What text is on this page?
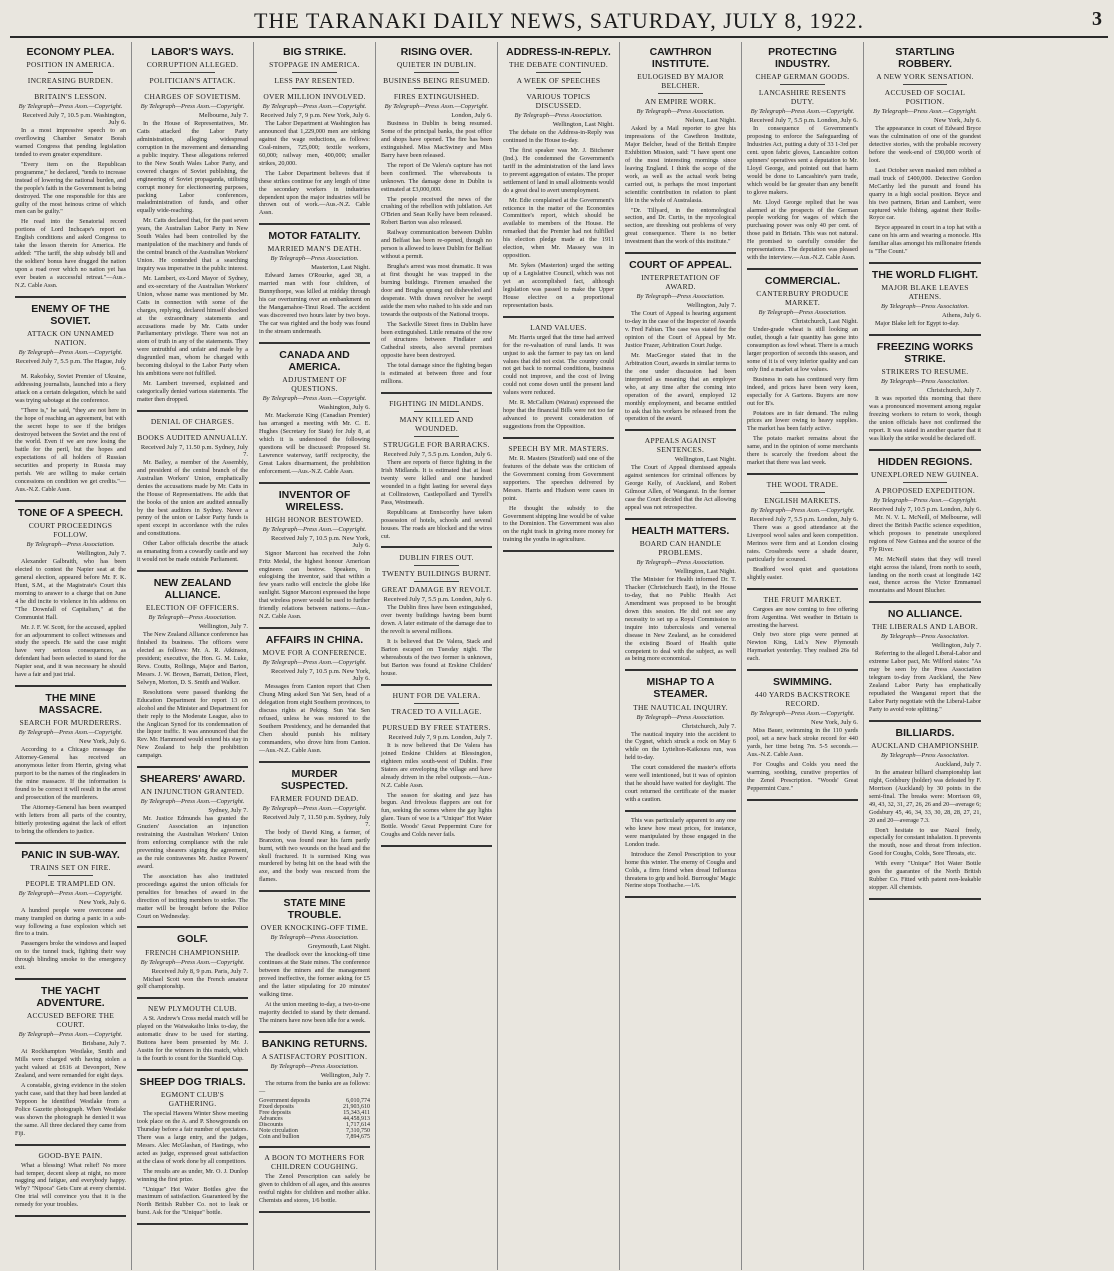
THE TARANAKI DAILY NEWS, SATURDAY, JULY 8, 1922.	3
ECONOMY PLEA.
POSITION IN AMERICA.
INCREASING BURDEN.
BRITAIN'S LESSON.
By Telegraph—Press Assn.—Copyright.
Received July 7, 10.5 p.m. Washington, July 6.

In a most impressive speech to an overflowing Chamber Senator Borah warned Congress that pending legislation tended to even greater expenditure.

"Every item on the Republican programme," he declared, "tends to increase instead of lowering the national burden, and the people's faith in the Government is being destroyed. The one responsible for this are guilty of the most heinous crime of which men can be guilty."

He read into the Senatorial record portions of Lord Inchcape's report on English conditions and asked Congress to take the lesson therein for America. He added: "The tariff, the ship subsidy bill and the soldiers' bonus have dragged the nation upon a road over which no nation yet has ever beaten a successful retreat."—Aus.-N.Z. Cable Assn.

ENEMY OF THE SOVIET.
ATTACK ON UNNAMED NATION.
By Telegraph—Press Assn.—Copyright.
Received July 7, 5.5 p.m. The Hague, July 6.

M. Rakofsky, Soviet Premier of Ukraine, addressing journalists, launched into a fiery attack on a certain delegation, which he said was trying sabotage at the conference.

"There is," he said, "they are not here in the hope of reaching an agreement, but with the secret hope to see if the bridges destroyed between the Soviet and the rest of the world. Even if we are now losing the battle for the peril, but the hopes and expectations of all holders of Russian securities and property in Russia may perish. We are willing to make certain concessions on condition we get credits."—Aus.-N.Z. Cable Assn.

TONE OF A SPEECH.
COURT PROCEEDINGS FOLLOW.
By Telegraph—Press Association.
Wellington, July 7.

Alexander Galbraith, who has been elected to contest the Napier seat at the general election, appeared before Mr. F. K. Hunt, S.M., at the Magistrate's Court this morning to answer to a charge that on June 4 he did incite to violence in his address on "The Downfall of Capitalism," at the Communist Hall.

Mr. J. F. W. Scott, for the accused, applied for an adjournment to collect witnesses and study the speech. He said the case might have very serious consequences, as defendant had been selected to stand for the Napier seat, and it was necessary he should have a fair and just trial.

THE MINE MASSACRE.
SEARCH FOR MURDERERS.
By Telegraph—Press Assn.—Copyright.
New York, July 6.

According to a Chicago message the Attorney-General has received an anonymous letter from Herrin, giving what purport to be the names of the ringleaders in the mine massacre. If the information is found to be correct it will result in the arrest and prosecution of the murderers.

The Attorney-General has been swamped with letters from all parts of the country, bitterly protesting against the lack of effort to bring the offenders to justice.

PANIC IN SUB-WAY.
TRAINS SET ON FIRE.
PEOPLE TRAMPLED ON.
By Telegraph—Press Assn.—Copyright.
New York, July 6.

A hundred people were overcome and many trampled on during a panic in a sub-way following a fuse explosion which set fire to a train.

Passengers broke the windows and leaped on to the tunnel track, fighting their way through blinding smoke to the emergency exit.

THE YACHT ADVENTURE.
ACCUSED BEFORE THE COURT.
By Telegraph—Press Assn.—Copyright.
Brisbane, July 7.

At Rockhampton Westlake, Smith and Mills were charged with having stolen a yacht valued at £616 at Devonport, New Zealand, and were remanded for eight days.

A constable, giving evidence in the stolen yacht case, said that they had been landed at Yeppoon he identified Westlake from a Police Gazette photograph. When Westlake was shown the photograph he denied it was the same. All three declared they came from Fiji.

GOOD-BYE PAIN.

What a blessing! What relief! No more bad temper, decent sleep at night, no more nagging and fatigue, and everybody happy. Why? "Nipoca" Gets Cure at every chemist. One trial will convince you that it is the remedy for your troubles.

LABOR'S WAYS.
CORRUPTION ALLEGED.
POLITICIAN'S ATTACK.
CHARGES OF SOVIETISM.
By Telegraph—Press Assn.—Copyright.
Melbourne, July 7.

In the House of Representatives, Mr. Catts attacked the Labor Party administration, alleging widespread corruption in the movement and demanding a public inquiry. These allegations referred to the New South Wales Labor Party, and covered charges of Soviet publishing, the engineering of Soviet propaganda, utilising corrupt money for electioneering purposes, packing Labor conferences, maladministration of funds, and other equally wide-reaching.

Mr. Catts declared that, for the past seven years, the Australian Labor Party in New South Wales had been controlled by the manipulation of the machinery and funds of the central branch of the Australian Workers' Union. He contended that a searching inquiry was imperative in the public interest.

Mr. Lambert, ex-Lord Mayor of Sydney, and ex-secretary of the Australian Workers' Union, whose name was mentioned by Mr. Catts in connection with some of the charges, replying, declared himself shocked at the extraordinary statements and accusations made by Mr. Catts under Parliamentary privilege. There was not an atom of truth in any of the statements. They were untruthful and unfair and made by a disgruntled man, whom he charged with becoming disloyal to the Labor Party when his ambitions were not fulfilled.

Mr. Lambert traversed, explained and categorically denied various statements. The matter then dropped.

DENIAL OF CHARGES.
BOOKS AUDITED ANNUALLY.
Received July 7, 11.50 p.m. Sydney, July 7.

Mr. Bailey, a member of the Assembly, and president of the central branch of the Australian Workers' Union, emphatically denies the accusations made by Mr. Catts in the House of Representatives. He adds that the books of the union are audited annually by the best auditors in Sydney. Never a penny of the union or Labor Party funds is spent except in accordance with the rules and constitutions.

Other Labor officials describe the attack as emanating from a cowardly castle and say it would not be made outside Parliament.

NEW ZEALAND ALLIANCE.
ELECTION OF OFFICERS.
By Telegraph—Press Association.
Wellington, July 7.

The New Zealand Alliance conference has finished its business. The officers were elected as follows: Mr. A. R. Atkinson, president; executive, the Hon. G. M. Luke, Revs. Coutts, Rollings, Major and Barton, Messrs. J. W. Brown, Barratt, Deiton, Fleet, Selwyn, Morton, D. S. Smith and Walker.

Resolutions were passed thanking the Education Department for report 13 on alcohol and the Minister and Department for their reply to the Moderate League, also to the Anglican Synod for its condemnation of the liquor traffic. It was announced that the Rev. Mr. Hammond would extend his stay in New Zealand to help the prohibition campaign.

SHEARERS' AWARD.
AN INJUNCTION GRANTED.
By Telegraph—Press Assn.—Copyright.
Sydney, July 7.

Mr. Justice Edmunds has granted the Graziers' Association an injunction restraining the Australian Workers' Union from enforcing compliance with the rule preventing shearers signing the agreement, as the rule contravenes Mr. Justice Powers' award.

The association has also instituted proceedings against the union officials for penalties for breaches of award in the direction of inciting members to strike. The matter will be brought before the Police Court on Wednesday.

GOLF.
FRENCH CHAMPIONSHIP.
By Telegraph—Press Assn.—Copyright.
Received July 8, 9 p.m. Paris, July 7.

Michael Scott won the French amateur golf championship.

NEW PLYMOUTH CLUB.

A St. Andrew's Cross medal match will be played on the Waiwakaiho links to-day, the automatic draw to be used for starting. Buttons have been presented by Mr. J. Austin for the winners in this match, which is the fourth to count for the Stanfield Cup.

SHEEP DOG TRIALS.
EGMONT CLUB'S GATHERING.

The special Hawera Winter Show meeting took place on the A. and P. Showgrounds on Thursday before a fair number of spectators. There was a large entry, and the judges, Messrs. Alec McGlashan, of Hastings, who acted as judge, expressed great satisfaction at the class of work done by all competitors.

The results are as under, Mr. O. J. Dunlop winning the first prize.

"Unique" Hot Water Bottles give the maximum of satisfaction. Guaranteed by the North British Rubber Co. not to leak or burst. Ask for the "Unique" bottle.

BIG STRIKE.
STOPPAGE IN AMERICA.
LESS PAY RESENTED.
OVER MILLION INVOLVED.
By Telegraph—Press Assn.—Copyright.
Received July 7, 9 p.m. New York, July 6.

The Labor Department at Washington has announced that 1,229,000 men are striking against the wage reductions, as follows: Coal-miners, 725,000; textile workers, 60,000; railway men, 400,000; smaller strikes, 20,000.

The Labor Department believes that if these strikes continue for any length of time the secondary workers in industries dependent upon the major industries will be thrown out of work.—Aus.-N.Z. Cable Assn.

MOTOR FATALITY.
MARRIED MAN'S DEATH.
By Telegraph—Press Association.
Masterton, Last Night.

Edward James O'Rourke, aged 38, a married man with four children, of Bunnythorpe, was killed at midday through his car overturning over an embankment on the Mangamahoe-Tinui Road. The accident was discovered two hours later by two boys. The car was righted and the body was found in the stream underneath.

CANADA AND AMERICA.
ADJUSTMENT OF QUESTIONS.
By Telegraph—Press Assn.—Copyright.
Washington, July 6.

Mr. Mackenzie King (Canadian Premier) has arranged a meeting with Mr. C. E. Hughes (Secretary for State) for July 8, at which it is understood the following questions will be discussed: Proposed St. Lawrence waterway, tariff reciprocity, the Great Lakes disarmament, the prohibition enforcement.—Aus.-N.Z. Cable Assn.

INVENTOR OF WIRELESS.
HIGH HONOR BESTOWED.
By Telegraph—Press Assn.—Copyright.
Received July 7, 10.5 p.m. New York, July 6.

Signor Marconi has received the John Fritz Medal, the highest honour American engineers can bestow. Speakers, in eulogising the inventor, said that within a few years radio will encircle the globe like sunlight. Signor Marconi expressed the hope that wireless power would be used to further friendly relations between nations.—Aus.-N.Z. Cable Assn.

AFFAIRS IN CHINA.
MOVE FOR A CONFERENCE.
By Telegraph—Press Assn.—Copyright.
Received July 7, 10.5 p.m. New York, July 6.

Messages from Canton report that Chen Chung Ming asked Sun Yat Sen, head of a delegation from eight Southern provinces, to discuss rights at Peking. Sun Yat Sen refused, unless he was restored to the Southern Presidency, and he demanded that Chen should punish his military commanders, who drove him from Canton.—Aus.-N.Z. Cable Assn.

MURDER SUSPECTED.
FARMER FOUND DEAD.
By Telegraph—Press Assn.—Copyright.
Received July 7, 11.50 p.m. Sydney, July 7.

The body of David King, a farmer, of Branxton, was found near his farm partly burnt, with two wounds on the head and the skull fractured. It is surmised King was murdered by being hit on the head with the axe, and the body was rescued from the flames.

STATE MINE TROUBLE.
OVER KNOCKING-OFF TIME.
By Telegraph—Press Association.
Greymouth, Last Night.

The deadlock over the knocking-off time continues at the State mines. The conference between the miners and the management proved ineffective, the former asking for £5 and the latter stipulating for 20 minutes' walking time.

At the union meeting to-day, a two-to-one majority decided to stand by their demand. The miners have now been idle for a week.

BANKING RETURNS.
A SATISFACTORY POSITION.
By Telegraph—Press Association.
Wellington, July 7.

The returns from the banks are as follows:—

Government deposits	6,010,774
Fixed deposits	21,903,610
Free deposits	15,343,411
Advances	44,458,913
Discounts	1,717,614
Note circulation	7,310,750
Coin and bullion	7,894,675
A BOON TO MOTHERS FOR CHILDREN COUGHING.

The Zenol Prescription can safely be given to children of all ages, and this assures restful nights for children and mother alike. Chemists and stores, 1/6 bottle.

RISING OVER.
QUIETER IN DUBLIN.
BUSINESS BEING RESUMED.
FIRES EXTINGUISHED.
By Telegraph—Press Assn.—Copyright.
London, July 6.

Business in Dublin is being resumed. Some of the principal banks, the post office and shops have opened. The fire has been extinguished. Miss MacSwiney and Miss Barry have been released.

The report of De Valera's capture has not been confirmed. The whereabouts is unknown. The damage done in Dublin is estimated at £3,000,000.

The people received the news of the crushing of the rebellion with jubilation. Art O'Brien and Sean Kelly have been released. Robert Barton was also released.

Railway communication between Dublin and Belfast has been re-opened, though no person is allowed to leave Dublin for Belfast without a permit.

Brugha's arrest was most dramatic. It was at first thought he was trapped in the burning buildings. Firemen smashed the door and Brugha sprang out disheveled and desperate. With drawn revolver he swept aside the men who rushed to his side and ran towards the outposts of the National troops.

The Sackville Street fires in Dublin have been extinguished. Little remains of the row of structures between Findlater and Cathedral streets, also several premises opposite have been destroyed.

The total damage since the fighting began is estimated at between three and four millions.

FIGHTING IN MIDLANDS.
MANY KILLED AND WOUNDED.
STRUGGLE FOR BARRACKS.
Received July 7, 5.5 p.m. London, July 6.

There are reports of fierce fighting in the Irish Midlands. It is estimated that at least twenty were killed and one hundred wounded in a fight lasting for several days at Collinstown, Castlepollard and Tyrrell's Pass, Westmeath.

Republicans at Enniscorthy have taken possession of hotels, schools and several houses. The roads are blocked and the wires cut.

DUBLIN FIRES OUT.
TWENTY BUILDINGS BURNT.
GREAT DAMAGE BY REVOLT.
Received July 7, 5.5 p.m. London, July 6.

The Dublin fires have been extinguished, over twenty buildings having been burnt down. A later estimate of the damage due to the revolt is several millions.

It is believed that De Valera, Stack and Barton escaped on Tuesday night. The whereabouts of the two former is unknown, but Barton was found at Erskine Childers' house.

HUNT FOR DE VALERA.
TRACED TO A VILLAGE.
PURSUED BY FREE STATERS.
Received July 7, 9 p.m. London, July 7.

It is now believed that De Valera has joined Erskine Childers at Blessington, eighteen miles south-west of Dublin. Free Staters are enveloping the village and have already driven in the rebel outposts.—Aus.-N.Z. Cable Assn.

The season for skating and jazz has begun. And frivolous flappers are out for fun, seeking the scenes where the gay lights glare. Tears of woe is a "Unique" Hot Water Bottle. Woods' Great Peppermint Cure for Coughs and Colds never fails.

ADDRESS-IN-REPLY.
THE DEBATE CONTINUED.
A WEEK OF SPEECHES
VARIOUS TOPICS DISCUSSED.
By Telegraph—Press Association.
Wellington, Last Night.

The debate on the Address-in-Reply was continued in the House to-day.

The first speaker was Mr. J. Bitchener (Ind.). He condemned the Government's tariff in the administration of the land laws to prevent aggregation of estates. The proper settlement of land in small allotments would do a great deal to avert unemployment.

Mr. Edie complained at the Government's reticence in the matter of the Economies Committee's report, which should be available to members of the House. He remarked that the Premier had not fulfilled his election pledge made at the 1911 election, when Mr. Massey was in opposition.

Mr. Sykes (Masterton) urged the setting up of a Legislative Council, which was not yet an accomplished fact, although legislation was passed to make the Upper House elective on a proportional representation basis.

LAND VALUES.

Mr. Harris urged that the time had arrived for the re-valuation of rural lands. It was unjust to ask the farmer to pay tax on land values that did not exist. The country could not get back to normal conditions, business could not improve, and the cost of living could not come down until the present land values were reduced.

Mr. R. McCallum (Wairau) expressed the hope that the financial Bills were not too far advanced to prevent consideration of suggestions from the Opposition.

SPEECH BY MR. MASTERS.

Mr. R. Masters (Stratford) said one of the features of the debate was the criticism of the Government coming from Government supporters. The speeches delivered by Messrs. Harris and Hudson were cases in point.

He thought the subsidy to the Government shipping line would be of value to the Dominion. The Government was also on the right track in giving more money for training the youths in agriculture.

CAWTHRON INSTITUTE.
EULOGISED BY MAJOR BELCHER.
AN EMPIRE WORK.
By Telegraph—Press Association.
Nelson, Last Night.

Asked by a Mail reporter to give his impressions of the Cawthron Institute, Major Belcher, head of the British Empire Exhibition Mission, said: "I have spent one of the most interesting mornings since leaving England. I think the scope of the work, as well as the actual work being carried out, is perhaps the most important scientific contribution in relation to plant life in the whole of Australasia.

"Dr. Tillyard, in the entomological section, and Dr. Curtis, in the mycological section, are threshing out problems of very great consequence. There is no better investment than the work of this institute."

COURT OF APPEAL.
INTERPRETATION OF AWARD.
By Telegraph—Press Association.
Wellington, July 7.

The Court of Appeal is hearing argument to-day in the case of the Inspector of Awards v. Fred Fabian. The case was stated for the opinion of the Court of Appeal by Mr. Justice Frazer, Arbitration Court Judge.

Mr. MacGregor stated that in the Arbitration Court, awards in similar terms to the one under discussion had been interpreted as meaning that an employer who, at any time after the coming into operation of the award, employed 12 monthly employment, and became entitled to ask that his workers be released from the operation of the award.

APPEALS AGAINST SENTENCES.
Wellington, Last Night.

The Court of Appeal dismissed appeals against sentences for criminal offences by George Kelly, of Auckland, and Robert Gilmour Allen, of Wanganui. In the former case the Court decided that the Act allowing appeal was not retrospective.

HEALTH MATTERS.
BOARD CAN HANDLE PROBLEMS.
By Telegraph—Press Association.
Wellington, Last Night.

The Minister for Health informed Dr. T. Thacker (Christchurch East), in the House to-day, that no Public Health Act Amendment was proposed to be brought down this session. He did not see any necessity to set up a Royal Commission to inquire into tuberculosis and venereal disease in New Zealand, as he considered the existing Board of Health quite competent to deal with the subject, as well as being more economical.

MISHAP TO A STEAMER.
THE NAUTICAL INQUIRY.
By Telegraph—Press Association.
Christchurch, July 7.

The nautical inquiry into the accident to the Cygnet, which struck a rock on May 6 while on the Lyttelton-Kaikoura run, was held to-day.

The court considered the master's efforts were well intentioned, but it was of opinion that he should have waited for daylight. The court returned the certificate of the master with a caution.

This was particularly apparent to any one who knew how meat prices, for instance, were manipulated by those engaged in the London trade.

Introduce the Zenol Prescription to your home this winter. The enemy of Coughs and Colds, a firm friend when dread Influenza threatens to grip and hold. Burroughs' Magic Nerine stops Toothache.—1/6.

PROTECTING INDUSTRY.
CHEAP GERMAN GOODS.
LANCASHIRE RESENTS DUTY.
By Telegraph—Press Assn.—Copyright.
Received July 7, 5.5 p.m. London, July 6.

In consequence of Government's proposing to enforce the Safeguarding of Industries Act, putting a duty of 33 1-3rd per cent. upon fabric gloves, Lancashire cotton spinners' operatives sent a deputation to Mr. Lloyd George, and pointed out that harm would be done to Lancashire's yarn trade, which would be far greater than any benefit to glove makers.

Mr. Lloyd George replied that he was alarmed at the prospects of the German people working for wages of which the purchasing power was only 40 per cent. of those paid in Britain. This was not natural. He promised to carefully consider the representations. The deputation was pleased with the interview.—Aus.-N.Z. Cable Assn.

COMMERCIAL.
CANTERBURY PRODUCE MARKET.
By Telegraph—Press Association.
Christchurch, Last Night.

Under-grade wheat is still looking an outlet, though a fair quantity has gone into consumption as fowl wheat. There is a much larger proportion of seconds this season, and some of it is of very inferior quality and can only find a market at low values.

Business in oats has continued very firm indeed, and prices have been very keen, especially for A Gartons. Buyers are now out for B's.

Potatoes are in fair demand. The ruling prices are lower owing to heavy supplies. The market has been fairly active.

The potato market remains about the same, and in the opinion of some merchants there is scarcely the freedom about the market that there was last week.

THE WOOL TRADE.
ENGLISH MARKETS.
By Telegraph—Press Assn.—Copyright.
Received July 7, 5.5 p.m. London, July 6.

There was a good attendance at the Liverpool wool sales and keen competition. Merinos were firm and at London closing rates. Crossbreds were a shade dearer, particularly for scoured.

Bradford wool quiet and quotations slightly easier.

THE FRUIT MARKET.

Cargoes are now coming to free offering from Argentina. Wet weather in Britain is arresting the harvest.

Only two store pigs were penned at Newton King, Ltd.'s New Plymouth Haymarket yesterday. They realised 26s 6d each.

SWIMMING.
440 YARDS BACKSTROKE RECORD.
By Telegraph—Press Assn.—Copyright.
New York, July 6.

Miss Bauer, swimming in the 110 yards pool, set a new back stroke record for 440 yards, her time being 7m. 5-5 seconds.—Aus.-N.Z. Cable Assn.

For Coughs and Colds you need the warming, soothing, curative properties of the Zenol Prescription. "Woods' Great Peppermint Cure."

STARTLING ROBBERY.
A NEW YORK SENSATION.
ACCUSED OF SOCIAL POSITION.
By Telegraph—Press Assn.—Copyright.
New York, July 6.

The appearance in court of Edward Bryce was the culmination of one of the grandest detective stories, with the probable recovery before the week-end of £90,000 worth of loot.

Last October seven masked men robbed a mail truck of £400,000. Detective Gordon McCarthy led the pursuit and found his quarry in a high social position. Bryce and his two partners, Brian and Lambert, were captured while fishing, against their Rolls-Royce car.

Bryce appeared in court in a top hat with a cane on his arm and wearing a monocle. His familiar alias amongst his millionaire friends is "The Count."

THE WORLD FLIGHT.
MAJOR BLAKE LEAVES ATHENS.
By Telegraph—Press Association.
Athens, July 6.

Major Blake left for Egypt to-day.

FREEZING WORKS STRIKE.
STRIKERS TO RESUME.
By Telegraph—Press Association.
Christchurch, July 7.

It was reported this morning that there was a pronounced movement among regular freezing workers to return to work, though the union officials have not confirmed the report. It was stated in another quarter that it was likely the strike would be declared off.

HIDDEN REGIONS.
UNEXPLORED NEW GUINEA.
A PROPOSED EXPEDITION.
By Telegraph—Press Assn.—Copyright.
Received July 7, 10.5 p.m. London, July 6.

Mr. N. V. L. McNeill, of Melbourne, will direct the British Pacific science expedition, which proposes to penetrate unexplored regions of New Guinea and the source of the Fly River.

Mr. McNeill states that they will travel eight across the island, from north to south, landing on the north coast at longitude 142 east, thence across the Victor Emmanuel mountains and Mount Blucher.

NO ALLIANCE.
THE LIBERALS AND LABOR.
By Telegraph—Press Association.
Wellington, July 7.

Referring to the alleged Liberal-Labor and extreme Labor pact, Mr. Wilford states: "As may be seen by the Press Association telegram to-day from Auckland, the New Zealand Labor Party has emphatically repudiated the Wanganui report that the Labor Party negotiate with the Liberal-Labor Party to avoid vote splitting."

BILLIARDS.
AUCKLAND CHAMPIONSHIP.
By Telegraph—Press Association.
Auckland, July 7.

In the amateur billiard championship last night, Godsbury (holder) was defeated by F. Morrison (Auckland) by 30 points in the semi-final. The breaks were: Morrison 69, 49, 43, 32, 31, 27, 26, 26 and 20—average 6; Godsbury 45, 46, 34, 33, 30, 28, 28, 27, 21, 20 and 20—average 7.3.

Don't hesitate to use Nazol freely, especially for constant inhalation. It prevents the mouth, nose and throat from infection. Good for Coughs, Colds, Sore Throats, etc.

With every "Unique" Hot Water Bottle goes the guarantee of the North British Rubber Co. Fitted with patent non-leakable stopper. All chemists.
